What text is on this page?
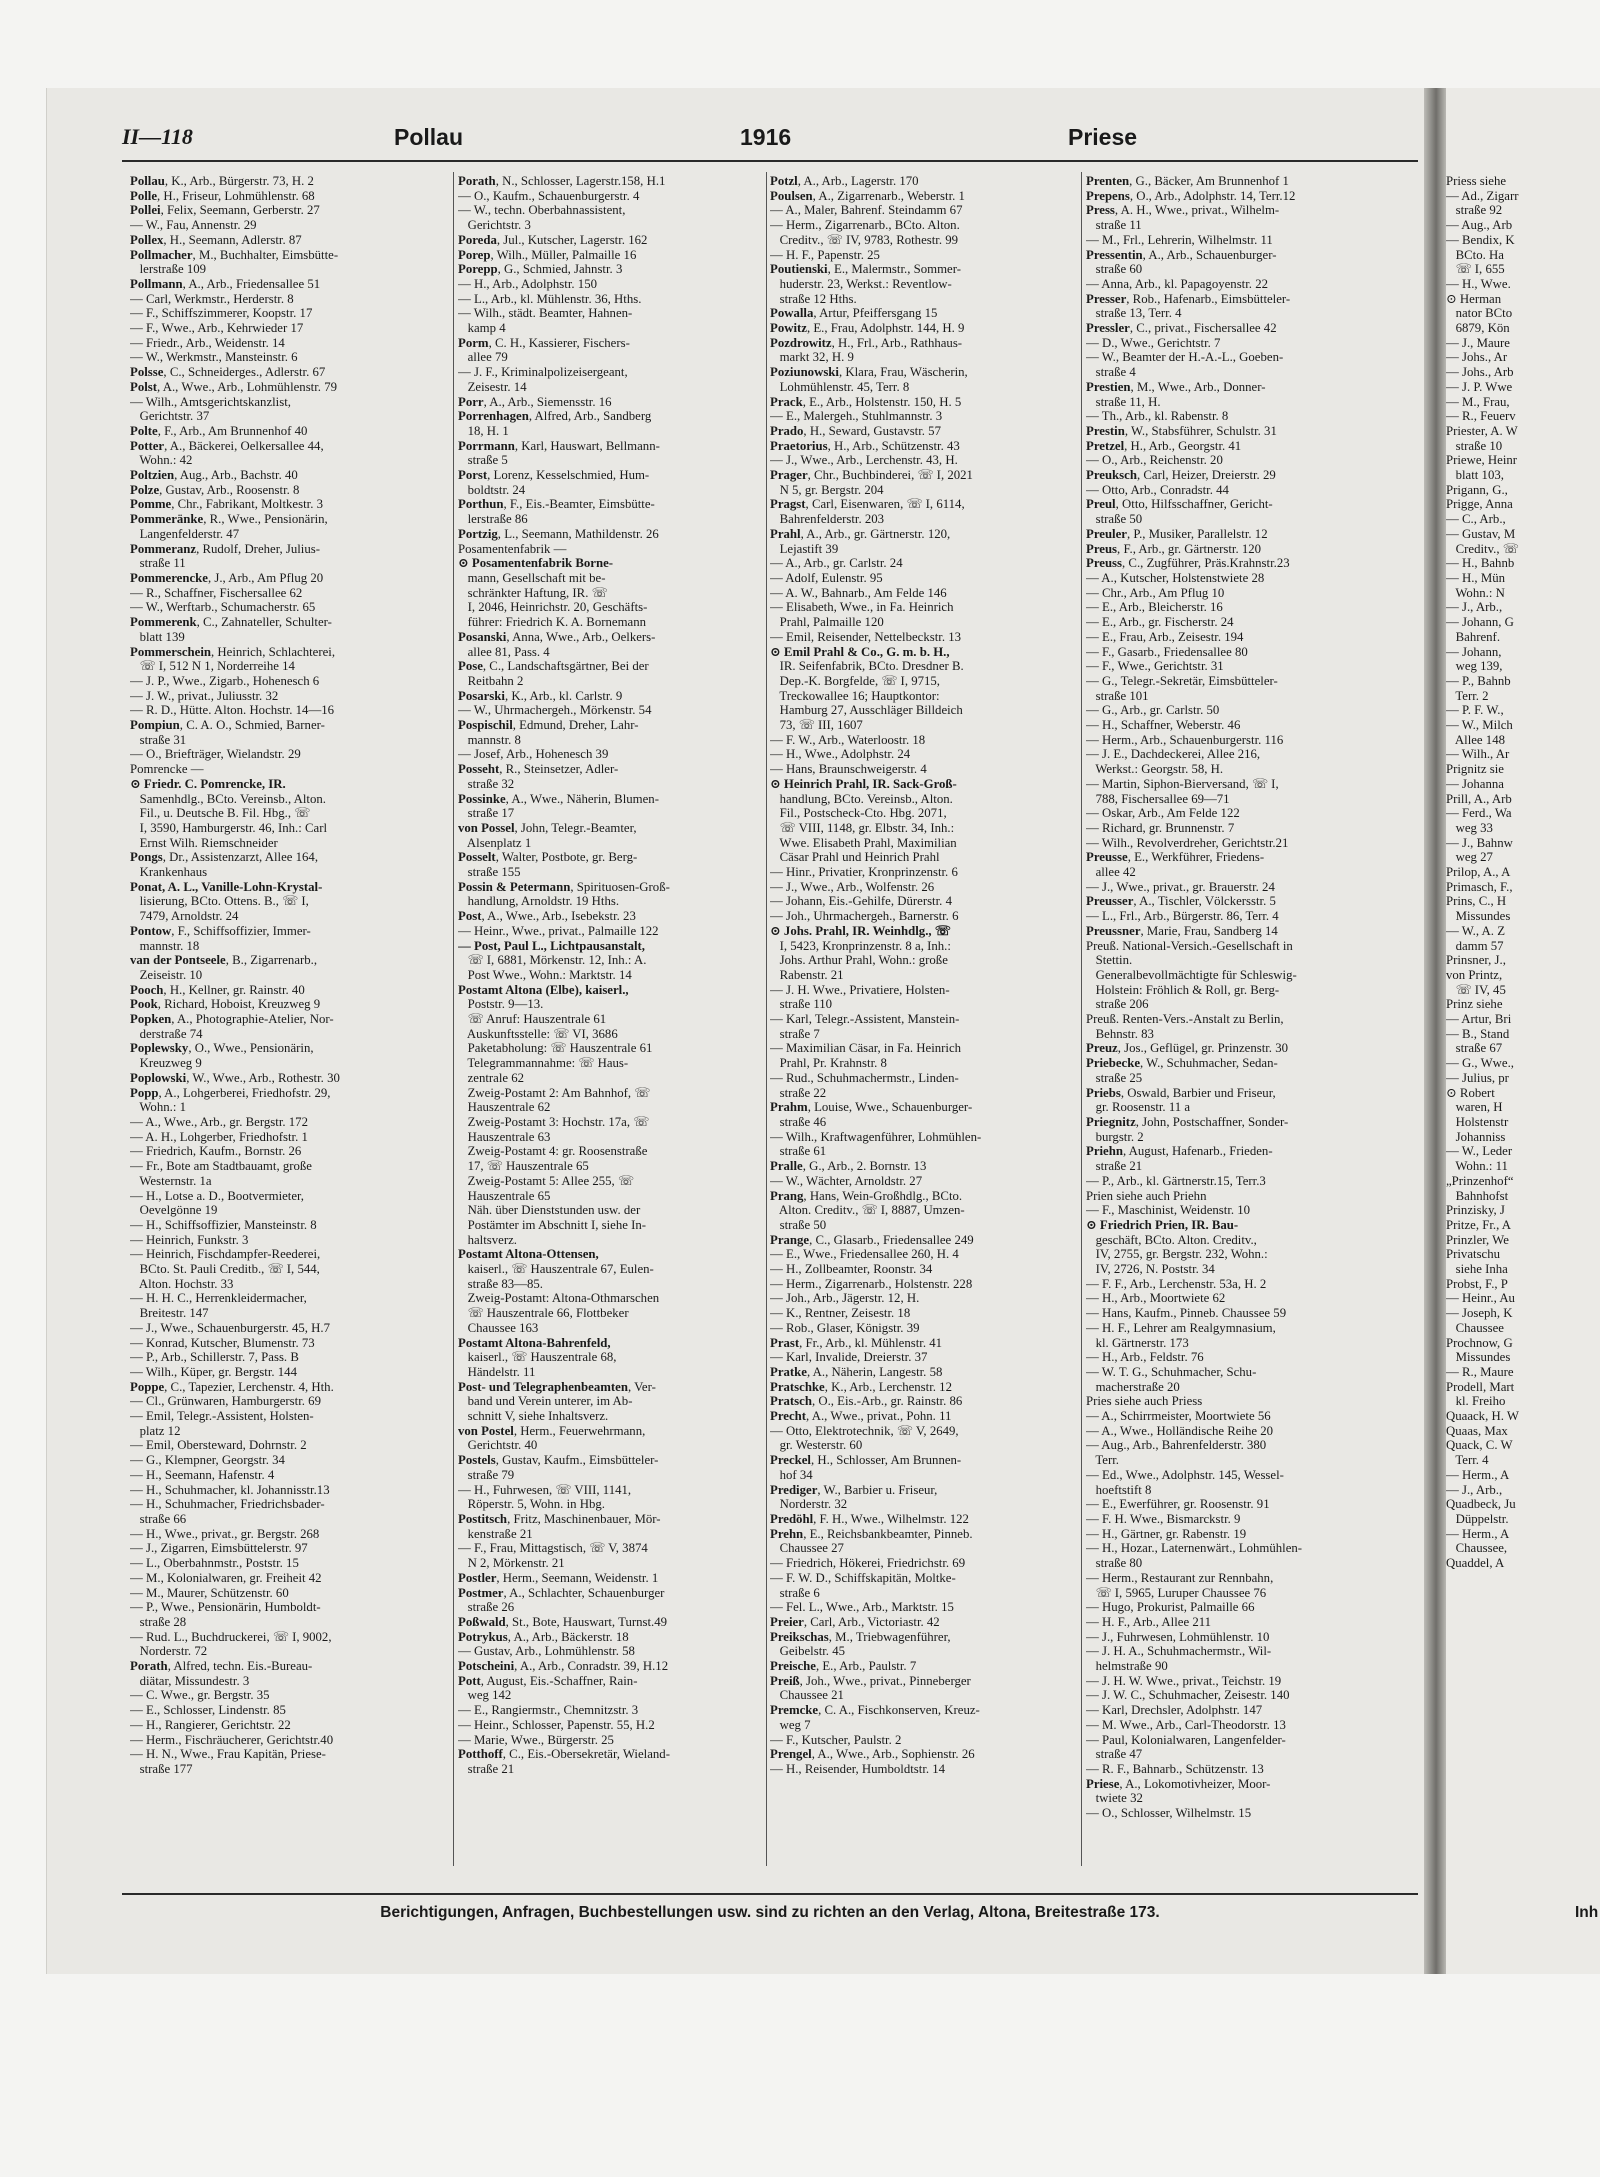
Priess siehe
— Ad., Zigarr
straße 92
— Aug., Arb
— Bendix, K
BCto. Ha
☏ I, 655
— H., Wwe.
⊙ Herman
nator BCto
6879, Kön
— J., Maure
— Johs., Ar
— Johs., Arb
— J. P. Wwe
— M., Frau,
— R., Feuerv
Priester, A. W
straße 10
Priewe, Heinr
blatt 103,
Prigann, G.,
Prigge, Anna
— C., Arb.,
— Gustav, M
Creditv., ☏
— H., Bahnb
— H., Mün
Wohn.: N
— J., Arb.,
— Johann, G
Bahrenf.
— Johann,
weg 139,
— P., Bahnb
Terr. 2
— P. F. W.,
— W., Milch
Allee 148
— Wilh., Ar
Prignitz sie
— Johanna
Prill, A., Arb
— Ferd., Wa
weg 33
— J., Bahnw
weg 27
Prilop, A., A
Primasch, F.,
Prins, C., H
Missundes
— W., A. Z
damm 57
Prinsner, J.,
von Printz,
☏ IV, 45
Prinz siehe
— Artur, Bri
— B., Stand
straße 67
— G., Wwe.,
— Julius, pr
⊙ Robert
waren, H
Holstenstr
Johanniss
— W., Leder
Wohn.: 11
„Prinzenhof“
Bahnhofst
Prinzisky, J
Pritze, Fr., A
Prinzler, We
Privatschu
siehe Inha
Probst, F., P
— Heinr., Au
— Joseph, K
Chaussee
Prochnow, G
Missundes
— R., Maure
Prodell, Mart
kl. Freiho
Quaack, H. W
Quaas, Max
Quack, C. W
Terr. 4
— Herm., A
— J., Arb.,
Quadbeck, Ju
Düppelstr.
— Herm., A
Chaussee,
Quaddel, A
II—118	Pollau	1916	Priese
Pollau, K., Arb., Bürgerstr. 73, H. 2
Polle, H., Friseur, Lohmühlenstr. 68
Pollei, Felix, Seemann, Gerberstr. 27
— W., Fau, Annenstr. 29
Pollex, H., Seemann, Adlerstr. 87
Pollmacher, M., Buchhalter, Eimsbütte-
lerstraße 109
Pollmann, A., Arb., Friedensallee 51
— Carl, Werkmstr., Herderstr. 8
— F., Schiffszimmerer, Koopstr. 17
— F., Wwe., Arb., Kehrwieder 17
— Friedr., Arb., Weidenstr. 14
— W., Werkmstr., Mansteinstr. 6
Polsse, C., Schneiderges., Adlerstr. 67
Polst, A., Wwe., Arb., Lohmühlenstr. 79
— Wilh., Amtsgerichtskanzlist,
Gerichtstr. 37
Polte, F., Arb., Am Brunnenhof 40
Potter, A., Bäckerei, Oelkersallee 44,
Wohn.: 42
Poltzien, Aug., Arb., Bachstr. 40
Polze, Gustav, Arb., Roosenstr. 8
Pomme, Chr., Fabrikant, Moltkestr. 3
Pommeränke, R., Wwe., Pensionärin,
Langenfelderstr. 47
Pommeranz, Rudolf, Dreher, Julius-
straße 11
Pommerencke, J., Arb., Am Pflug 20
— R., Schaffner, Fischersallee 62
— W., Werftarb., Schumacherstr. 65
Pommerenk, C., Zahnateller, Schulter-
blatt 139
Pommerschein, Heinrich, Schlachterei,
☏ I, 512 N 1, Norderreihe 14
— J. P., Wwe., Zigarb., Hohenesch 6
— J. W., privat., Juliusstr. 32
— R. D., Hütte. Alton. Hochstr. 14—16
Pompiun, C. A. O., Schmied, Barner-
straße 31
— O., Briefträger, Wielandstr. 29
Pomrencke —
⊙ Friedr. C. Pomrencke, IR.
Samenhdlg., BCto. Vereinsb., Alton.
Fil., u. Deutsche B. Fil. Hbg., ☏
I, 3590, Hamburgerstr. 46, Inh.: Carl
Ernst Wilh. Riemschneider
Pongs, Dr., Assistenzarzt, Allee 164,
Krankenhaus
Ponat, A. L., Vanille-Lohn-Krystal-
lisierung, BCto. Ottens. B., ☏ I,
7479, Arnoldstr. 24
Pontow, F., Schiffsoffizier, Immer-
mannstr. 18
van der Pontseele, B., Zigarrenarb.,
Zeiseistr. 10
Pooch, H., Kellner, gr. Rainstr. 40
Pook, Richard, Hoboist, Kreuzweg 9
Popken, A., Photographie-Atelier, Nor-
derstraße 74
Poplewsky, O., Wwe., Pensionärin,
Kreuzweg 9
Poplowski, W., Wwe., Arb., Rothestr. 30
Popp, A., Lohgerberei, Friedhofstr. 29,
Wohn.: 1
— A., Wwe., Arb., gr. Bergstr. 172
— A. H., Lohgerber, Friedhofstr. 1
— Friedrich, Kaufm., Bornstr. 26
— Fr., Bote am Stadtbauamt, große
Westernstr. 1a
— H., Lotse a. D., Bootvermieter,
Oevelgönne 19
— H., Schiffsoffizier, Mansteinstr. 8
— Heinrich, Funkstr. 3
— Heinrich, Fischdampfer-Reederei,
BCto. St. Pauli Creditb., ☏ I, 544,
Alton. Hochstr. 33
— H. H. C., Herrenkleidermacher,
Breitestr. 147
— J., Wwe., Schauenburgerstr. 45, H.7
— Konrad, Kutscher, Blumenstr. 73
— P., Arb., Schillerstr. 7, Pass. B
— Wilh., Küper, gr. Bergstr. 144
Poppe, C., Tapezier, Lerchenstr. 4, Hth.
— Cl., Grünwaren, Hamburgerstr. 69
— Emil, Telegr.-Assistent, Holsten-
platz 12
— Emil, Obersteward, Dohrnstr. 2
— G., Klempner, Georgstr. 34
— H., Seemann, Hafenstr. 4
— H., Schuhmacher, kl. Johannisstr.13
— H., Schuhmacher, Friedrichsbader-
straße 66
— H., Wwe., privat., gr. Bergstr. 268
— J., Zigarren, Eimsbüttelerstr. 97
— L., Oberbahnmstr., Poststr. 15
— M., Kolonialwaren, gr. Freiheit 42
— M., Maurer, Schützenstr. 60
— P., Wwe., Pensionärin, Humboldt-
straße 28
— Rud. L., Buchdruckerei, ☏ I, 9002,
Norderstr. 72
Porath, Alfred, techn. Eis.-Bureau-
diätar, Missundestr. 3
— C. Wwe., gr. Bergstr. 35
— E., Schlosser, Lindenstr. 85
— H., Rangierer, Gerichtstr. 22
— Herm., Fischräucherer, Gerichtstr.40
— H. N., Wwe., Frau Kapitän, Priese-
straße 177
Porath, N., Schlosser, Lagerstr.158, H.1
— O., Kaufm., Schauenburgerstr. 4
— W., techn. Oberbahnassistent,
Gerichtstr. 3
Poreda, Jul., Kutscher, Lagerstr. 162
Porep, Wilh., Müller, Palmaille 16
Porepp, G., Schmied, Jahnstr. 3
— H., Arb., Adolphstr. 150
— L., Arb., kl. Mühlenstr. 36, Hths.
— Wilh., städt. Beamter, Hahnen-
kamp 4
Porm, C. H., Kassierer, Fischers-
allee 79
— J. F., Kriminalpolizeisergeant,
Zeisestr. 14
Porr, A., Arb., Siemensstr. 16
Porrenhagen, Alfred, Arb., Sandberg
18, H. 1
Porrmann, Karl, Hauswart, Bellmann-
straße 5
Porst, Lorenz, Kesselschmied, Hum-
boldtstr. 24
Porthun, F., Eis.-Beamter, Eimsbütte-
lerstraße 86
Portzig, L., Seemann, Mathildenstr. 26
Posamentenfabrik —
⊙ Posamentenfabrik Borne-
mann, Gesellschaft mit be-
schränkter Haftung, IR. ☏
I, 2046, Heinrichstr. 20, Geschäfts-
führer: Friedrich K. A. Bornemann
Posanski, Anna, Wwe., Arb., Oelkers-
allee 81, Pass. 4
Pose, C., Landschaftsgärtner, Bei der
Reitbahn 2
Posarski, K., Arb., kl. Carlstr. 9
— W., Uhrmachergeh., Mörkenstr. 54
Pospischil, Edmund, Dreher, Lahr-
mannstr. 8
— Josef, Arb., Hohenesch 39
Posseht, R., Steinsetzer, Adler-
straße 32
Possinke, A., Wwe., Näherin, Blumen-
straße 17
von Possel, John, Telegr.-Beamter,
Alsenplatz 1
Posselt, Walter, Postbote, gr. Berg-
straße 155
Possin & Petermann, Spirituosen-Groß-
handlung, Arnoldstr. 19 Hths.
Post, A., Wwe., Arb., Isebekstr. 23
— Heinr., Wwe., privat., Palmaille 122
— Post, Paul L., Lichtpausanstalt,
☏ I, 6881, Mörkenstr. 12, Inh.: A.
Post Wwe., Wohn.: Marktstr. 14
Postamt Altona (Elbe), kaiserl.,
Poststr. 9—13.
☏ Anruf: Hauszentrale 61
Auskunftsstelle: ☏ VI, 3686
Paketabholung: ☏ Hauszentrale 61
Telegrammannahme: ☏ Haus-
zentrale 62
Zweig-Postamt 2: Am Bahnhof, ☏
Hauszentrale 62
Zweig-Postamt 3: Hochstr. 17a, ☏
Hauszentrale 63
Zweig-Postamt 4: gr. Roosenstraße
17, ☏ Hauszentrale 65
Zweig-Postamt 5: Allee 255, ☏
Hauszentrale 65
Näh. über Dienststunden usw. der
Postämter im Abschnitt I, siehe In-
haltsverz.
Postamt Altona-Ottensen,
kaiserl., ☏ Hauszentrale 67, Eulen-
straße 83—85.
Zweig-Postamt: Altona-Othmarschen
☏ Hauszentrale 66, Flottbeker
Chaussee 163
Postamt Altona-Bahrenfeld,
kaiserl., ☏ Hauszentrale 68,
Händelstr. 11
Post- und Telegraphenbeamten, Ver-
band und Verein unterer, im Ab-
schnitt V, siehe Inhaltsverz.
von Postel, Herm., Feuerwehrmann,
Gerichtstr. 40
Postels, Gustav, Kaufm., Eimsbütteler-
straße 79
— H., Fuhrwesen, ☏ VIII, 1141,
Röperstr. 5, Wohn. in Hbg.
Postitsch, Fritz, Maschinenbauer, Mör-
kenstraße 21
— F., Frau, Mittagstisch, ☏ V, 3874
N 2, Mörkenstr. 21
Postler, Herm., Seemann, Weidenstr. 1
Postmer, A., Schlachter, Schauenburger
straße 26
Poßwald, St., Bote, Hauswart, Turnst.49
Potrykus, A., Arb., Bäckerstr. 18
— Gustav, Arb., Lohmühlenstr. 58
Potscheini, A., Arb., Conradstr. 39, H.12
Pott, August, Eis.-Schaffner, Rain-
weg 142
— E., Rangiermstr., Chemnitzstr. 3
— Heinr., Schlosser, Papenstr. 55, H.2
— Marie, Wwe., Bürgerstr. 25
Potthoff, C., Eis.-Obersekretär, Wieland-
straße 21
Potzl, A., Arb., Lagerstr. 170
Poulsen, A., Zigarrenarb., Weberstr. 1
— A., Maler, Bahrenf. Steindamm 67
— Herm., Zigarrenarb., BCto. Alton.
Creditv., ☏ IV, 9783, Rothestr. 99
— H. F., Papenstr. 25
Poutienski, E., Malermstr., Sommer-
huderstr. 23, Werkst.: Reventlow-
straße 12 Hths.
Powalla, Artur, Pfeiffersgang 15
Powitz, E., Frau, Adolphstr. 144, H. 9
Pozdrowitz, H., Frl., Arb., Rathhaus-
markt 32, H. 9
Poziunowski, Klara, Frau, Wäscherin,
Lohmühlenstr. 45, Terr. 8
Prack, E., Arb., Holstenstr. 150, H. 5
— E., Malergeh., Stuhlmannstr. 3
Prado, H., Seward, Gustavstr. 57
Praetorius, H., Arb., Schützenstr. 43
— J., Wwe., Arb., Lerchenstr. 43, H.
Prager, Chr., Buchbinderei, ☏ I, 2021
N 5, gr. Bergstr. 204
Pragst, Carl, Eisenwaren, ☏ I, 6114,
Bahrenfelderstr. 203
Prahl, A., Arb., gr. Gärtnerstr. 120,
Lejastift 39
— A., Arb., gr. Carlstr. 24
— Adolf, Eulenstr. 95
— A. W., Bahnarb., Am Felde 146
— Elisabeth, Wwe., in Fa. Heinrich
Prahl, Palmaille 120
— Emil, Reisender, Nettelbeckstr. 13
⊙ Emil Prahl & Co., G. m. b. H.,
IR. Seifenfabrik, BCto. Dresdner B.
Dep.-K. Borgfelde, ☏ I, 9715,
Treckowallee 16; Hauptkontor:
Hamburg 27, Ausschläger Billdeich
73, ☏ III, 1607
— F. W., Arb., Waterloostr. 18
— H., Wwe., Adolphstr. 24
— Hans, Braunschweigerstr. 4
⊙ Heinrich Prahl, IR. Sack-Groß-
handlung, BCto. Vereinsb., Alton.
Fil., Postscheck-Cto. Hbg. 2071,
☏ VIII, 1148, gr. Elbstr. 34, Inh.:
Wwe. Elisabeth Prahl, Maximilian
Cäsar Prahl und Heinrich Prahl
— Hinr., Privatier, Kronprinzenstr. 6
— J., Wwe., Arb., Wolfenstr. 26
— Johann, Eis.-Gehilfe, Dürerstr. 4
— Joh., Uhrmachergeh., Barnerstr. 6
⊙ Johs. Prahl, IR. Weinhdlg., ☏
I, 5423, Kronprinzenstr. 8 a, Inh.:
Johs. Arthur Prahl, Wohn.: große
Rabenstr. 21
— J. H. Wwe., Privatiere, Holsten-
straße 110
— Karl, Telegr.-Assistent, Manstein-
straße 7
— Maximilian Cäsar, in Fa. Heinrich
Prahl, Pr. Krahnstr. 8
— Rud., Schuhmachermstr., Linden-
straße 22
Prahm, Louise, Wwe., Schauenburger-
straße 46
— Wilh., Kraftwagenführer, Lohmühlen-
straße 61
Pralle, G., Arb., 2. Bornstr. 13
— W., Wächter, Arnoldstr. 27
Prang, Hans, Wein-Großhdlg., BCto.
Alton. Creditv., ☏ I, 8887, Umzen-
straße 50
Prange, C., Glasarb., Friedensallee 249
— E., Wwe., Friedensallee 260, H. 4
— H., Zollbeamter, Roonstr. 34
— Herm., Zigarrenarb., Holstenstr. 228
— Joh., Arb., Jägerstr. 12, H.
— K., Rentner, Zeisestr. 18
— Rob., Glaser, Königstr. 39
Prast, Fr., Arb., kl. Mühlenstr. 41
— Karl, Invalide, Dreierstr. 37
Pratke, A., Näherin, Langestr. 58
Pratschke, K., Arb., Lerchenstr. 12
Pratsch, O., Eis.-Arb., gr. Rainstr. 86
Precht, A., Wwe., privat., Pohn. 11
— Otto, Elektrotechnik, ☏ V, 2649,
gr. Westerstr. 60
Preckel, H., Schlosser, Am Brunnen-
hof 34
Prediger, W., Barbier u. Friseur,
Norderstr. 32
Predöhl, F. H., Wwe., Wilhelmstr. 122
Prehn, E., Reichsbankbeamter, Pinneb.
Chaussee 27
— Friedrich, Hökerei, Friedrichstr. 69
— F. W. D., Schiffskapitän, Moltke-
straße 6
— Fel. L., Wwe., Arb., Marktstr. 15
Preier, Carl, Arb., Victoriastr. 42
Preikschas, M., Triebwagenführer,
Geibelstr. 45
Preische, E., Arb., Paulstr. 7
Preiß, Joh., Wwe., privat., Pinneberger
Chaussee 21
Premcke, C. A., Fischkonserven, Kreuz-
weg 7
— F., Kutscher, Paulstr. 2
Prengel, A., Wwe., Arb., Sophienstr. 26
— H., Reisender, Humboldtstr. 14
Prenten, G., Bäcker, Am Brunnenhof 1
Prepens, O., Arb., Adolphstr. 14, Terr.12
Press, A. H., Wwe., privat., Wilhelm-
straße 11
— M., Frl., Lehrerin, Wilhelmstr. 11
Pressentin, A., Arb., Schauenburger-
straße 60
— Anna, Arb., kl. Papagoyenstr. 22
Presser, Rob., Hafenarb., Eimsbütteler-
straße 13, Terr. 4
Pressler, C., privat., Fischersallee 42
— D., Wwe., Gerichtstr. 7
— W., Beamter der H.-A.-L., Goeben-
straße 4
Prestien, M., Wwe., Arb., Donner-
straße 11, H.
— Th., Arb., kl. Rabenstr. 8
Prestin, W., Stabsführer, Schulstr. 31
Pretzel, H., Arb., Georgstr. 41
— O., Arb., Reichenstr. 20
Preuksch, Carl, Heizer, Dreierstr. 29
— Otto, Arb., Conradstr. 44
Preul, Otto, Hilfsschaffner, Gericht-
straße 50
Preuler, P., Musiker, Parallelstr. 12
Preus, F., Arb., gr. Gärtnerstr. 120
Preuss, C., Zugführer, Präs.Krahnstr.23
— A., Kutscher, Holstenstwiete 28
— Chr., Arb., Am Pflug 10
— E., Arb., Bleicherstr. 16
— E., Arb., gr. Fischerstr. 24
— E., Frau, Arb., Zeisestr. 194
— F., Gasarb., Friedensallee 80
— F., Wwe., Gerichtstr. 31
— G., Telegr.-Sekretär, Eimsbütteler-
straße 101
— G., Arb., gr. Carlstr. 50
— H., Schaffner, Weberstr. 46
— Herm., Arb., Schauenburgerstr. 116
— J. E., Dachdeckerei, Allee 216,
Werkst.: Georgstr. 58, H.
— Martin, Siphon-Bierversand, ☏ I,
788, Fischersallee 69—71
— Oskar, Arb., Am Felde 122
— Richard, gr. Brunnenstr. 7
— Wilh., Revolverdreher, Gerichtstr.21
Preusse, E., Werkführer, Friedens-
allee 42
— J., Wwe., privat., gr. Brauerstr. 24
Preusser, A., Tischler, Völckersstr. 5
— L., Frl., Arb., Bürgerstr. 86, Terr. 4
Preussner, Marie, Frau, Sandberg 14
Preuß. National-Versich.-Gesellschaft in
Stettin.
Generalbevollmächtigte für Schleswig-
Holstein: Fröhlich & Roll, gr. Berg-
straße 206
Preuß. Renten-Vers.-Anstalt zu Berlin,
Behnstr. 83
Preuz, Jos., Geflügel, gr. Prinzenstr. 30
Priebecke, W., Schuhmacher, Sedan-
straße 25
Priebs, Oswald, Barbier und Friseur,
gr. Roosenstr. 11 a
Priegnitz, John, Postschaffner, Sonder-
burgstr. 2
Priehn, August, Hafenarb., Frieden-
straße 21
— P., Arb., kl. Gärtnerstr.15, Terr.3
Prien siehe auch Priehn
— F., Maschinist, Weidenstr. 10
⊙ Friedrich Prien, IR. Bau-
geschäft, BCto. Alton. Creditv.,
IV, 2755, gr. Bergstr. 232, Wohn.:
IV, 2726, N. Poststr. 34
— F. F., Arb., Lerchenstr. 53a, H. 2
— H., Arb., Moortwiete 62
— Hans, Kaufm., Pinneb. Chaussee 59
— H. F., Lehrer am Realgymnasium,
kl. Gärtnerstr. 173
— H., Arb., Feldstr. 76
— W. T. G., Schuhmacher, Schu-
macherstraße 20
Pries siehe auch Priess
— A., Schirrmeister, Moortwiete 56
— A., Wwe., Holländische Reihe 20
— Aug., Arb., Bahrenfelderstr. 380
Terr.
— Ed., Wwe., Adolphstr. 145, Wessel-
hoeftstift 8
— E., Ewerführer, gr. Roosenstr. 91
— F. H. Wwe., Bismarckstr. 9
— H., Gärtner, gr. Rabenstr. 19
— H., Hozar., Laternenwärt., Lohmühlen-
straße 80
— Herm., Restaurant zur Rennbahn,
☏ I, 5965, Luruper Chaussee 76
— Hugo, Prokurist, Palmaille 66
— H. F., Arb., Allee 211
— J., Fuhrwesen, Lohmühlenstr. 10
— J. H. A., Schuhmachermstr., Wil-
helmstraße 90
— J. H. W. Wwe., privat., Teichstr. 19
— J. W. C., Schuhmacher, Zeisestr. 140
— Karl, Drechsler, Adolphstr. 147
— M. Wwe., Arb., Carl-Theodorstr. 13
— Paul, Kolonialwaren, Langenfelder-
straße 47
— R. F., Bahnarb., Schützenstr. 13
Priese, A., Lokomotivheizer, Moor-
twiete 32
— O., Schlosser, Wilhelmstr. 15
Berichtigungen, Anfragen, Buchbestellungen usw. sind zu richten an den Verlag, Altona, Breitestraße 173.	Inh
